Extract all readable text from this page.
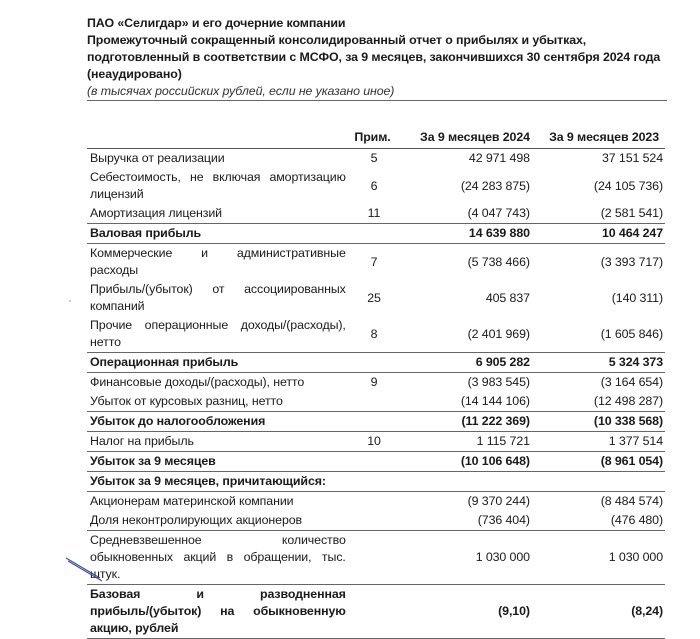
ПАО «Селигдар» и его дочерние компании
Промежуточный сокращенный консолидированный отчет о прибылях и убытках, подготовленный в соответствии с МСФО, за 9 месяцев, закончившихся 30 сентября 2024 года
(неаудировано)
(в тысячах российских рублей, если не указано иное)
	Прим.	За 9 месяцев 2024	За 9 месяцев 2023
Выручка от реализации	5	42 971 498	37 151 524
Себестоимость, не включая амортизацию лицензий	6	(24 283 875)	(24 105 736)
Амортизация лицензий	11	(4 047 743)	(2 581 541)
Валовая прибыль		14 639 880	10 464 247
Коммерческие и административные расходы	7	(5 738 466)	(3 393 717)
Прибыль/(убыток) от ассоциированных компаний	25	405 837	(140 311)
Прочие операционные доходы/(расходы), нетто	8	(2 401 969)	(1 605 846)
Операционная прибыль		6 905 282	5 324 373
Финансовые доходы/(расходы), нетто	9	(3 983 545)	(3 164 654)
Убыток от курсовых разниц, нетто		(14 144 106)	(12 498 287)
Убыток до налогообложения		(11 222 369)	(10 338 568)
Налог на прибыль	10	1 115 721	1 377 514
Убыток за 9 месяцев		(10 106 648)	(8 961 054)
Убыток за 9 месяцев, причитающийся:			
Акционерам материнской компании		(9 370 244)	(8 484 574)
Доля неконтролирующих акционеров		(736 404)	(476 480)
Средневзвешенное количество обыкновенных акций в обращении, тыс. штук.		1 030 000	1 030 000
Базовая и разводненная прибыль/(убыток) на обыкновенную акцию, рублей		(9,10)	(8,24)
